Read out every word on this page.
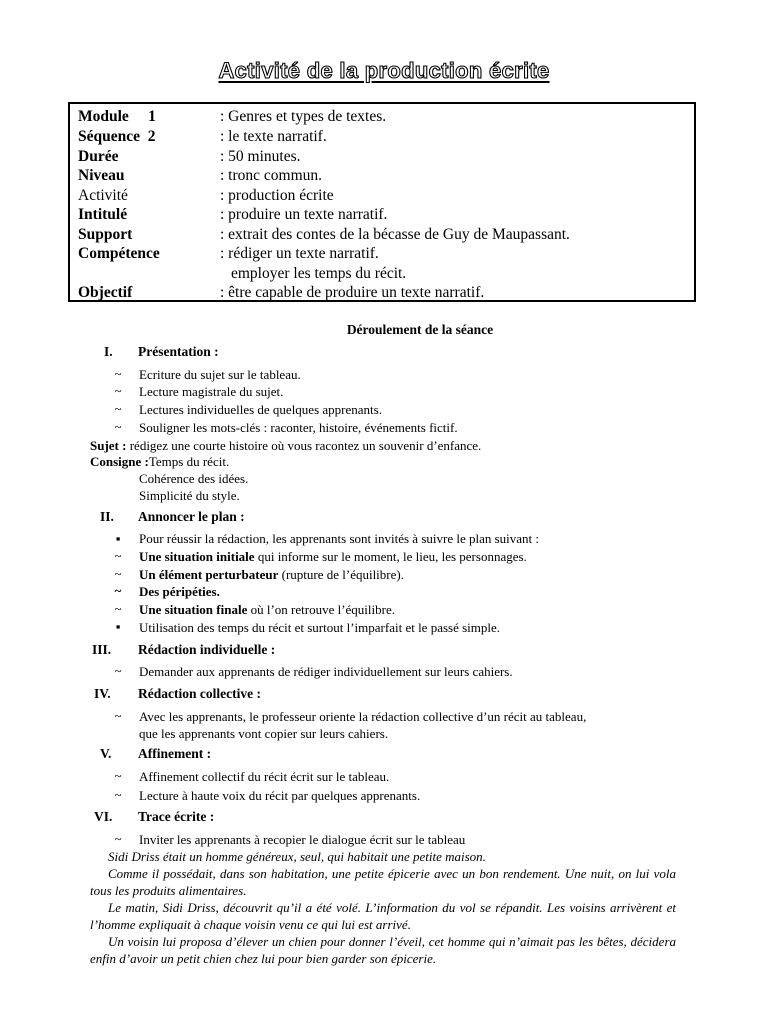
Activité de la production écrite
Module     1	: Genres et types de textes.
Séquence  2	: le texte narratif.
Durée	: 50 minutes.
Niveau	: tronc commun.
Activité	: production écrite
Intitulé	: produire un texte narratif.
Support	: extrait des contes de la bécasse de Guy de Maupassant.
Compétence	: rédiger un texte narratif.
employer les temps du récit.
Objectif	: être capable de produire un texte narratif.
Déroulement de la séance
I. Présentation :
~ Ecriture du sujet sur le tableau.
~ Lecture magistrale du sujet.
~ Lectures individuelles de quelques apprenants.
~ Souligner les mots-clés : raconter, histoire, événements fictif.
Sujet : rédigez une courte histoire où vous racontez un souvenir d’enfance.
Consigne :Temps du récit.
Cohérence des idées.
Simplicité du style.
II. Annoncer le plan :
▪	Pour réussir la rédaction, les apprenants sont invités à suivre le plan suivant :
~ Une situation initiale qui informe sur le moment, le lieu, les personnages.
~ Un élément perturbateur (rupture de l’équilibre).
~ Des péripéties.
~ Une situation finale où l’on retrouve l’équilibre.
▪	Utilisation des temps du récit et surtout l’imparfait et le passé simple.
III. Rédaction individuelle :
~ Demander aux apprenants de rédiger individuellement sur leurs cahiers.
IV. Rédaction collective :
~ Avec les apprenants, le professeur oriente la rédaction collective d’un récit au tableau,
que les apprenants vont copier sur leurs cahiers.
V. Affinement :
~ Affinement collectif du récit écrit sur le tableau.
~ Lecture à haute voix du récit par quelques apprenants.
VI. Trace écrite :
~ Inviter les apprenants à recopier le dialogue écrit sur le tableau
Sidi Driss était un homme généreux, seul, qui habitait une petite maison.
Comme il possédait, dans son habitation, une petite épicerie avec un bon rendement. Une nuit, on lui vola tous les produits alimentaires.
Le matin, Sidi Driss, découvrit qu’il a été volé. L’information du vol se répandit. Les voisins arrivèrent et l’homme expliquait à chaque voisin venu ce qui lui est arrivé.
Un voisin lui proposa d’élever un chien pour donner l’éveil, cet homme qui n’aimait pas les bêtes, décidera enfin d’avoir un petit chien chez lui pour bien garder son épicerie.
